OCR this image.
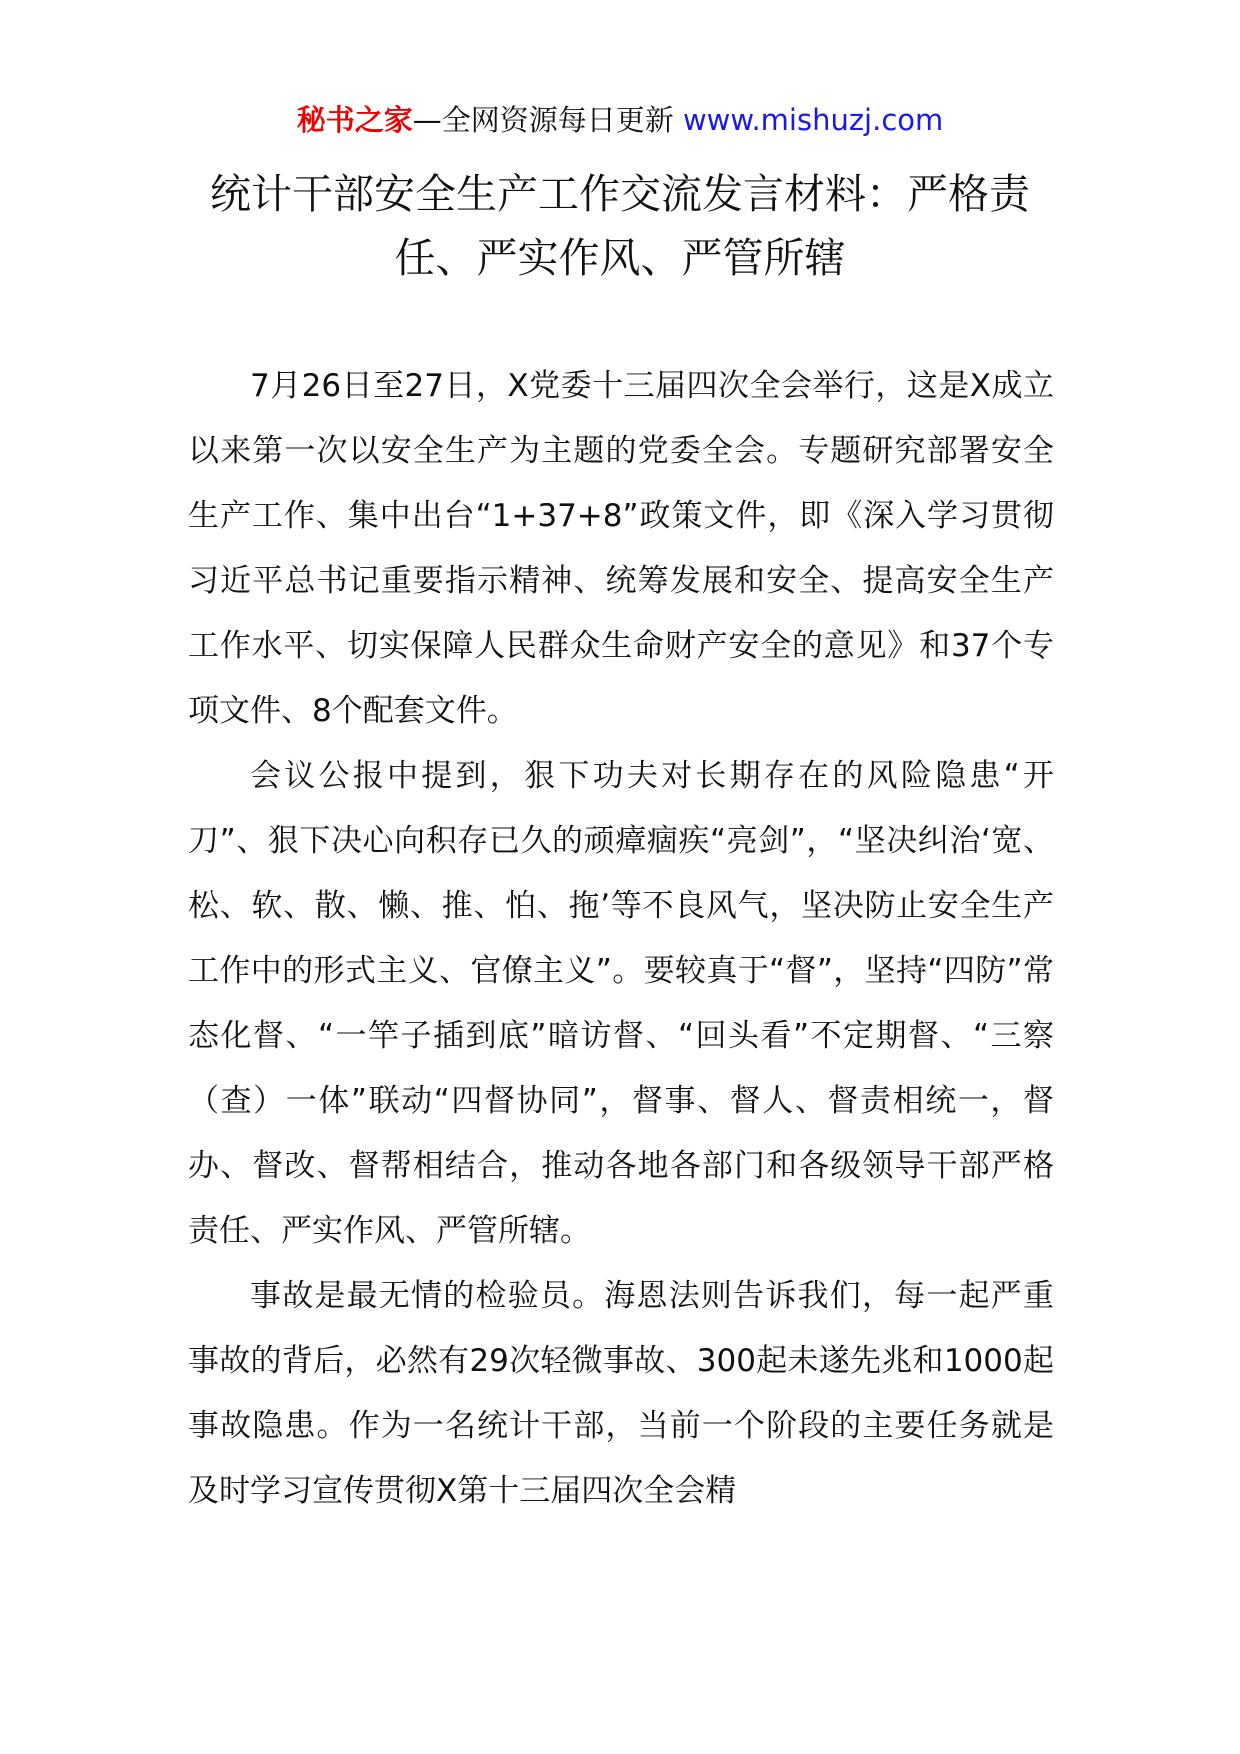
秘书之家—全网资源每日更新 www.mishuzj.com
统计干部安全生产工作交流发言材料：严格责任、严实作风、严管所辖

7月26日至27日，X党委十三届四次全会举行，这是X成立以来第一次以安全生产为主题的党委全会。专题研究部署安全生产工作、集中出台“1+37+8”政策文件，即《深入学习贯彻习近平总书记重要指示精神、统筹发展和安全、提高安全生产工作水平、切实保障人民群众生命财产安全的意见》和37个专项文件、8个配套文件。

会议公报中提到，狠下功夫对长期存在的风险隐患“开刀”、狠下决心向积存已久的顽瘴痼疾“亮剑”，“坚决纠治‘宽、松、软、散、懒、推、怕、拖’等不良风气，坚决防止安全生产工作中的形式主义、官僚主义”。要较真于“督”，坚持“四防”常态化督、“一竿子插到底”暗访督、“回头看”不定期督、“三察（查）一体”联动“四督协同”，督事、督人、督责相统一，督办、督改、督帮相结合，推动各地各部门和各级领导干部严格责任、严实作风、严管所辖。

事故是最无情的检验员。海恩法则告诉我们，每一起严重事故的背后，必然有29次轻微事故、300起未遂先兆和1000起事故隐患。作为一名统计干部，当前一个阶段的主要任务就是及时学习宣传贯彻X第十三届四次全会精
